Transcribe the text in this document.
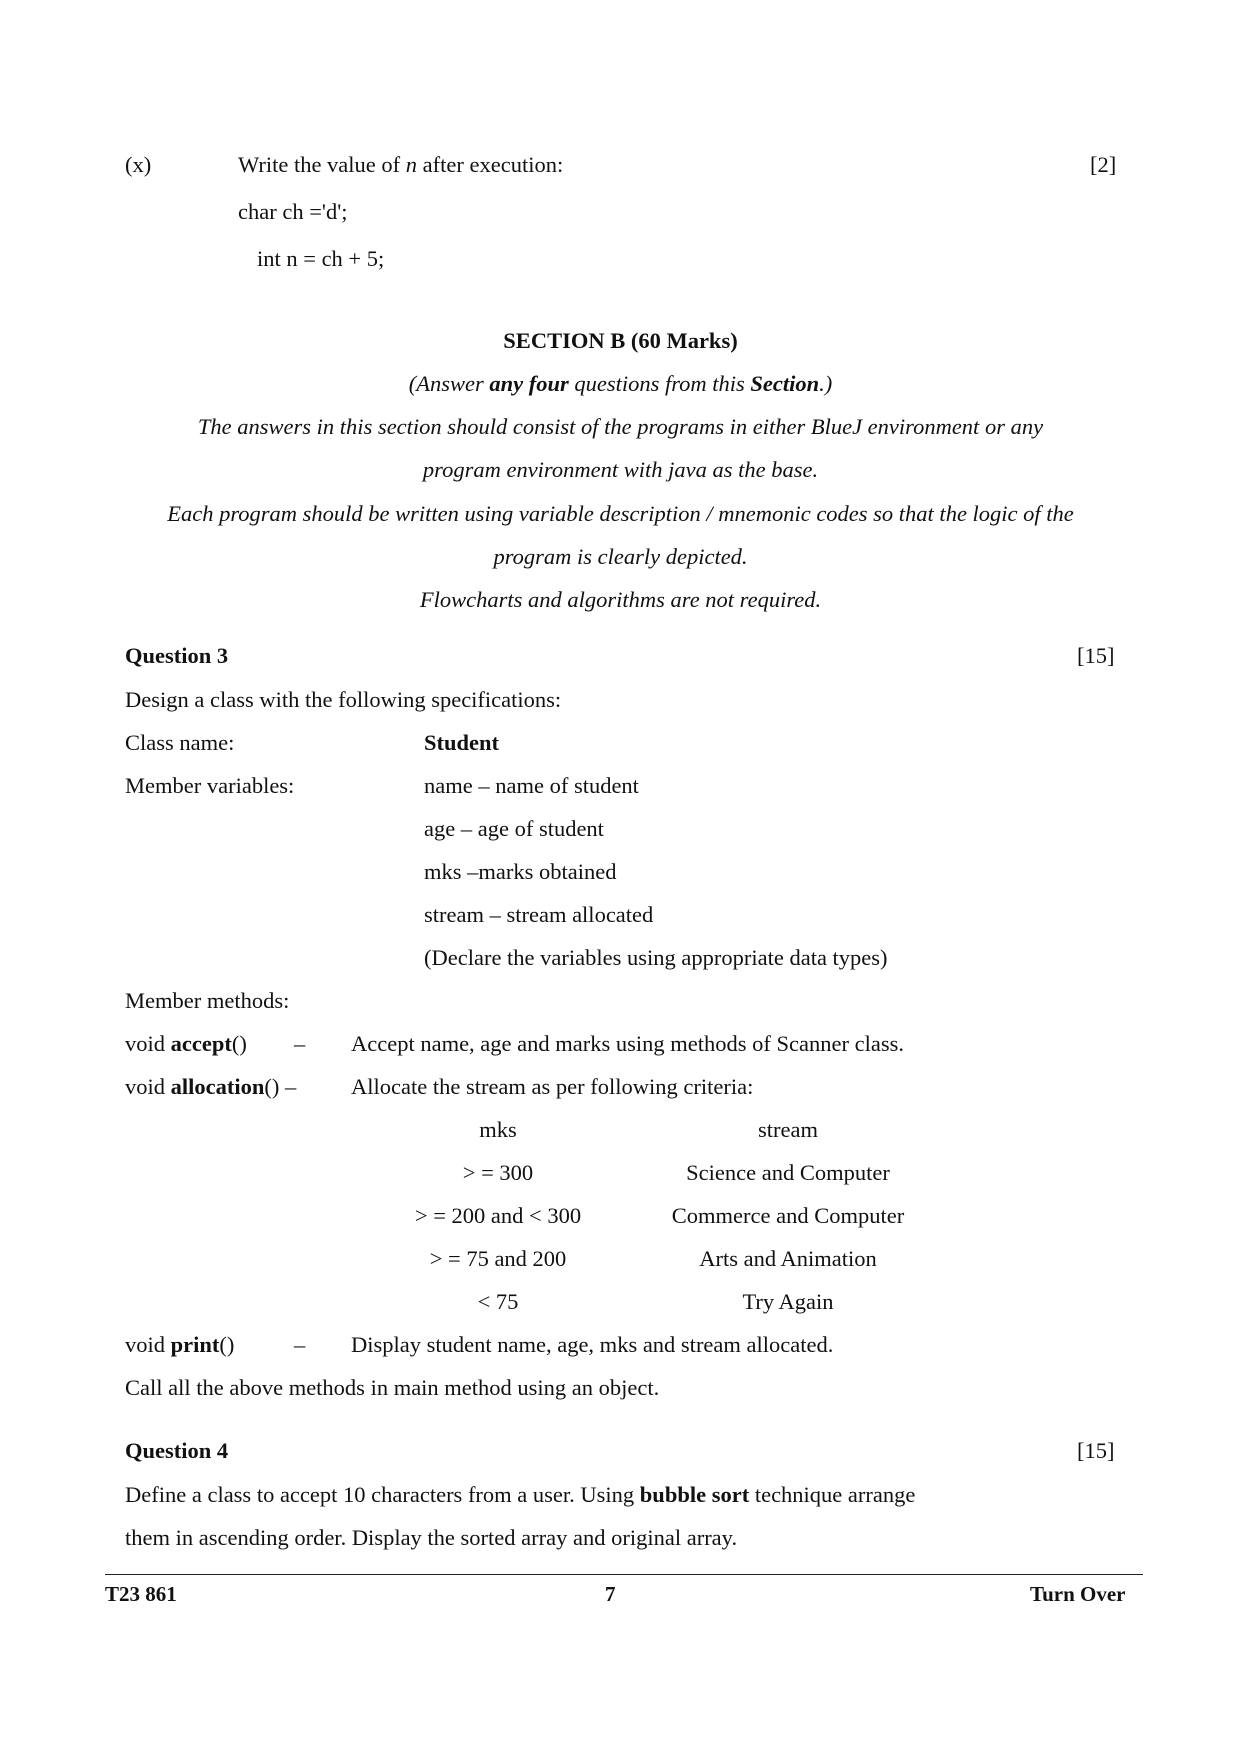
(x)	Write the value of n after execution:	[2]
char ch ='d';
int n = ch + 5;
SECTION B (60 Marks)
(Answer any four questions from this Section.)
The answers in this section should consist of the programs in either BlueJ environment or any
program environment with java as the base.
Each program should be written using variable description / mnemonic codes so that the logic of the
program is clearly depicted.
Flowcharts and algorithms are not required.
Question 3	[15]
Design a class with the following specifications:
Class name:	Student
Member variables:	name – name of student
age – age of student
mks –marks obtained
stream – stream allocated
(Declare the variables using appropriate data types)
Member methods:
void accept() – Accept name, age and marks using methods of Scanner class.
void allocation() – Allocate the stream as per following criteria:
mks	stream
> = 300	Science and Computer
> = 200 and < 300	Commerce and Computer
> = 75 and 200	Arts and Animation
< 75	Try Again
void print()	– Display student name, age, mks and stream allocated.
Call all the above methods in main method using an object.
Question 4	[15]
Define a class to accept 10 characters from a user. Using bubble sort technique arrange
them in ascending order. Display the sorted array and original array.
T23 861	7	Turn Over
